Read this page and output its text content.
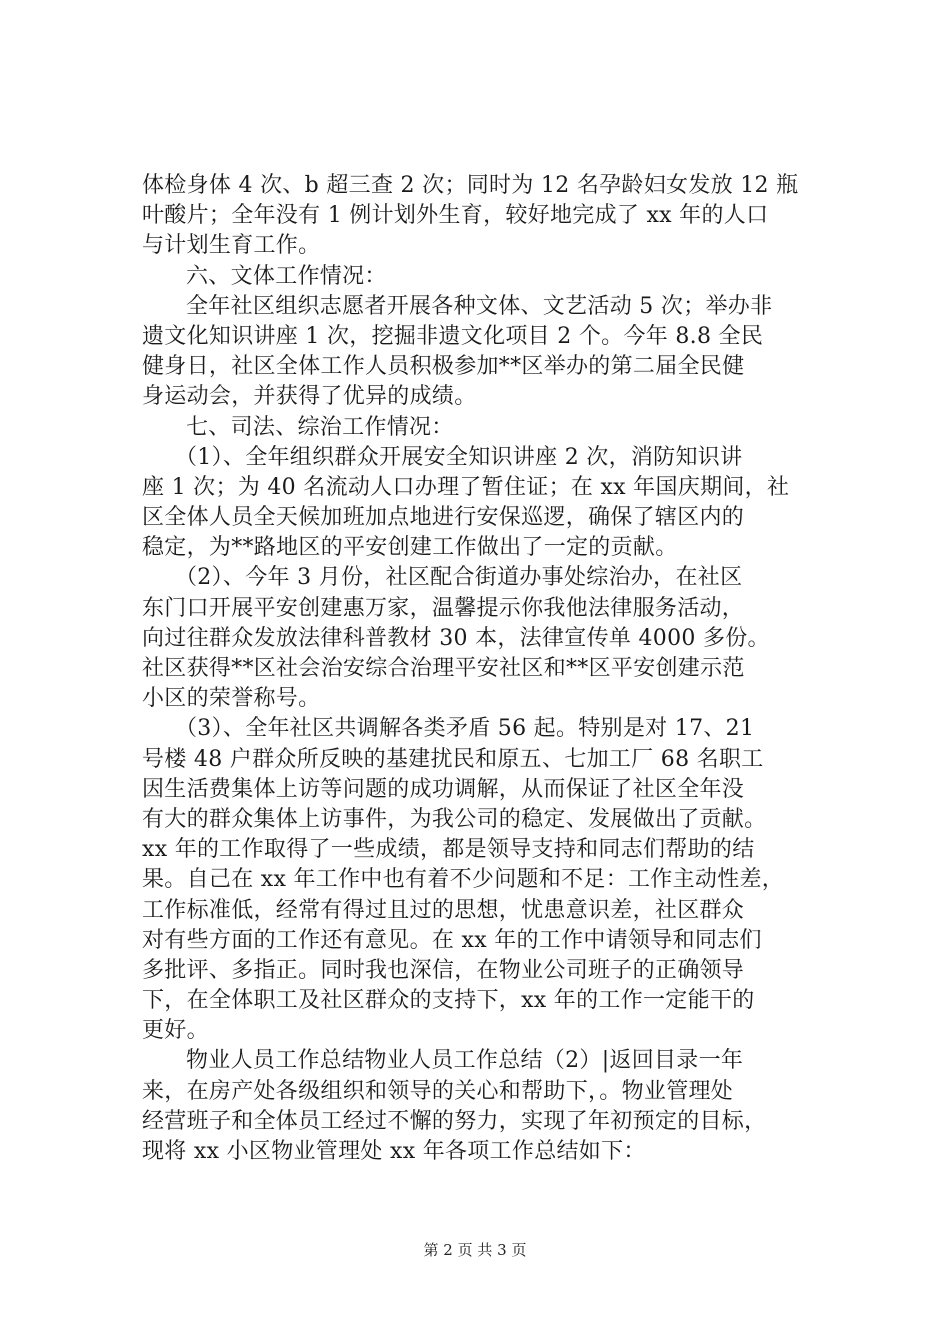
体检身体 4 次、b 超三查 2 次；同时为 12 名孕龄妇女发放 12 瓶
叶酸片；全年没有 1 例计划外生育，较好地完成了 xx 年的人口
与计划生育工作。
六、文体工作情况：
全年社区组织志愿者开展各种文体、文艺活动 5 次；举办非
遗文化知识讲座 1 次，挖掘非遗文化项目 2 个。今年 8.8 全民
健身日，社区全体工作人员积极参加**区举办的第二届全民健
身运动会，并获得了优异的成绩。
七、司法、综治工作情况：
（1）、全年组织群众开展安全知识讲座 2 次，消防知识讲
座 1 次；为 40 名流动人口办理了暂住证；在 xx 年国庆期间，社
区全体人员全天候加班加点地进行安保巡逻，确保了辖区内的
稳定，为**路地区的平安创建工作做出了一定的贡献。
（2）、今年 3 月份，社区配合街道办事处综治办，在社区
东门口开展平安创建惠万家，温馨提示你我他法律服务活动，
向过往群众发放法律科普教材 30 本，法律宣传单 4000 多份。
社区获得**区社会治安综合治理平安社区和**区平安创建示范
小区的荣誉称号。
（3）、全年社区共调解各类矛盾 56 起。特别是对 17、21
号楼 48 户群众所反映的基建扰民和原五、七加工厂 68 名职工
因生活费集体上访等问题的成功调解，从而保证了社区全年没
有大的群众集体上访事件，为我公司的稳定、发展做出了贡献。
xx 年的工作取得了一些成绩，都是领导支持和同志们帮助的结
果。自己在 xx 年工作中也有着不少问题和不足：工作主动性差，
工作标准低，经常有得过且过的思想，忧患意识差，社区群众
对有些方面的工作还有意见。在 xx 年的工作中请领导和同志们
多批评、多指正。同时我也深信，在物业公司班子的正确领导
下，在全体职工及社区群众的支持下，xx 年的工作一定能干的
更好。
物业人员工作总结物业人员工作总结（2）|返回目录一年
来，在房产处各级组织和领导的关心和帮助下，。物业管理处
经营班子和全体员工经过不懈的努力，实现了年初预定的目标，
现将 xx 小区物业管理处 xx 年各项工作总结如下：
第 2 页 共 3 页
